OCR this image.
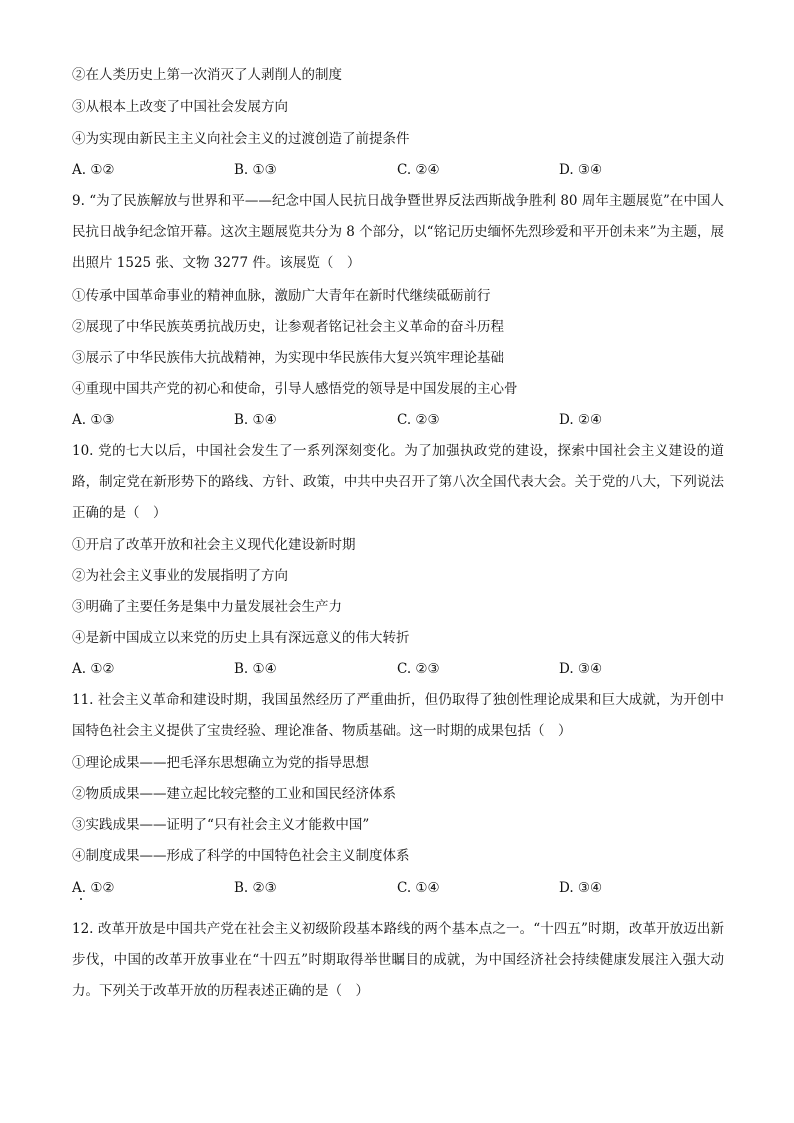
②在人类历史上第一次消灭了人剥削人的制度
③从根本上改变了中国社会发展方向
④为实现由新民主主义向社会主义的过渡创造了前提条件
A. ①②	B. ①③	C. ②④	D. ③④
9. “为了民族解放与世界和平——纪念中国人民抗日战争暨世界反法西斯战争胜利 80 周年主题展览”在中国人民抗日战争纪念馆开幕。这次主题展览共分为 8 个部分，以“铭记历史缅怀先烈珍爱和平开创未来”为主题，展出照片 1525 张、文物 3277 件。该展览（　）
①传承中国革命事业的精神血脉，激励广大青年在新时代继续砥砺前行
②展现了中华民族英勇抗战历史，让参观者铭记社会主义革命的奋斗历程
③展示了中华民族伟大抗战精神，为实现中华民族伟大复兴筑牢理论基础
④重现中国共产党的初心和使命，引导人感悟党的领导是中国发展的主心骨
A. ①③	B. ①④	C. ②③	D. ②④
10. 党的七大以后，中国社会发生了一系列深刻变化。为了加强执政党的建设，探索中国社会主义建设的道路，制定党在新形势下的路线、方针、政策，中共中央召开了第八次全国代表大会。关于党的八大，下列说法正确的是（　）
①开启了改革开放和社会主义现代化建设新时期
②为社会主义事业的发展指明了方向
③明确了主要任务是集中力量发展社会生产力
④是新中国成立以来党的历史上具有深远意义的伟大转折
A. ①②	B. ①④	C. ②③	D. ③④
11. 社会主义革命和建设时期，我国虽然经历了严重曲折，但仍取得了独创性理论成果和巨大成就，为开创中国特色社会主义提供了宝贵经验、理论准备、物质基础。这一时期的成果包括（　）
①理论成果——把毛泽东思想确立为党的指导思想
②物质成果——建立起比较完整的工业和国民经济体系
③实践成果——证明了“只有社会主义才能救中国”
④制度成果——形成了科学的中国特色社会主义制度体系
A. ①②	B. ②③	C. ①④	D. ③④
12. 改革开放是中国共产党在社会主义初级阶段基本路线的两个基本点之一。“十四五”时期，改革开放迈出新步伐，中国的改革开放事业在“十四五”时期取得举世瞩目的成就，为中国经济社会持续健康发展注入强大动力。下列关于改革开放的历程表述正确的是（　）
